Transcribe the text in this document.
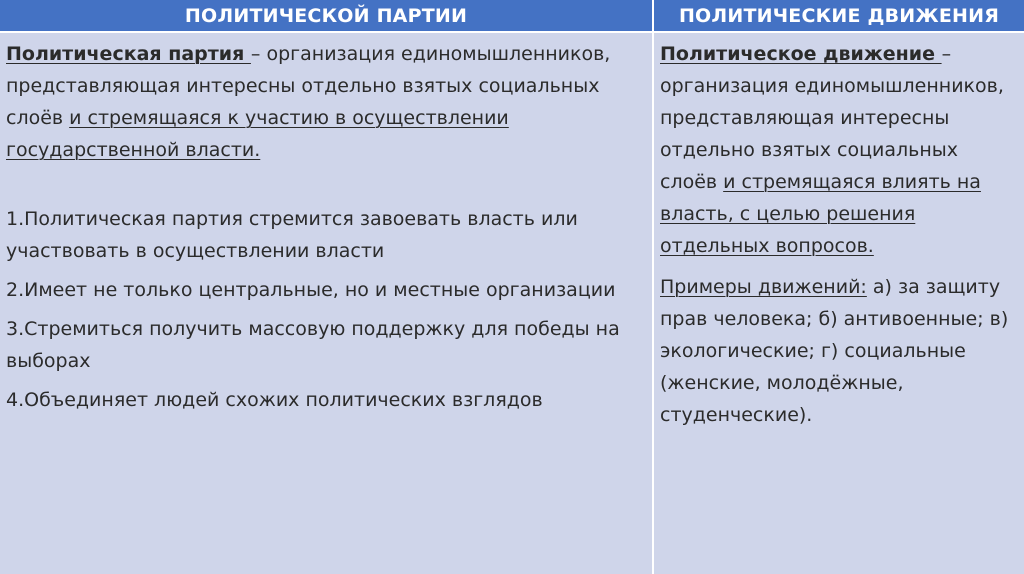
ПОЛИТИЧЕСКОЙ ПАРТИИ	ПОЛИТИЧЕСКИЕ ДВИЖЕНИЯ

Политическая партия – организация единомышленников, представляющая интересны отдельно взятых социальных слоёв и стремящаяся к участию в осуществлении государственной власти.

1.Политическая партия стремится завоевать власть или участвовать в осуществлении власти

2.Имеет не только центральные, но и местные организации

3.Стремиться получить массовую поддержку для победы на выборах

4.Объединяет людей схожих политических взглядов

Политическое движение – организация единомышленников, представляющая интересны отдельно взятых социальных слоёв и стремящаяся влиять на власть, с целью решения отдельных вопросов.

Примеры движений: а) за защиту прав человека; б) антивоенные; в) экологические; г) социальные (женские, молодёжные, студенческие).
